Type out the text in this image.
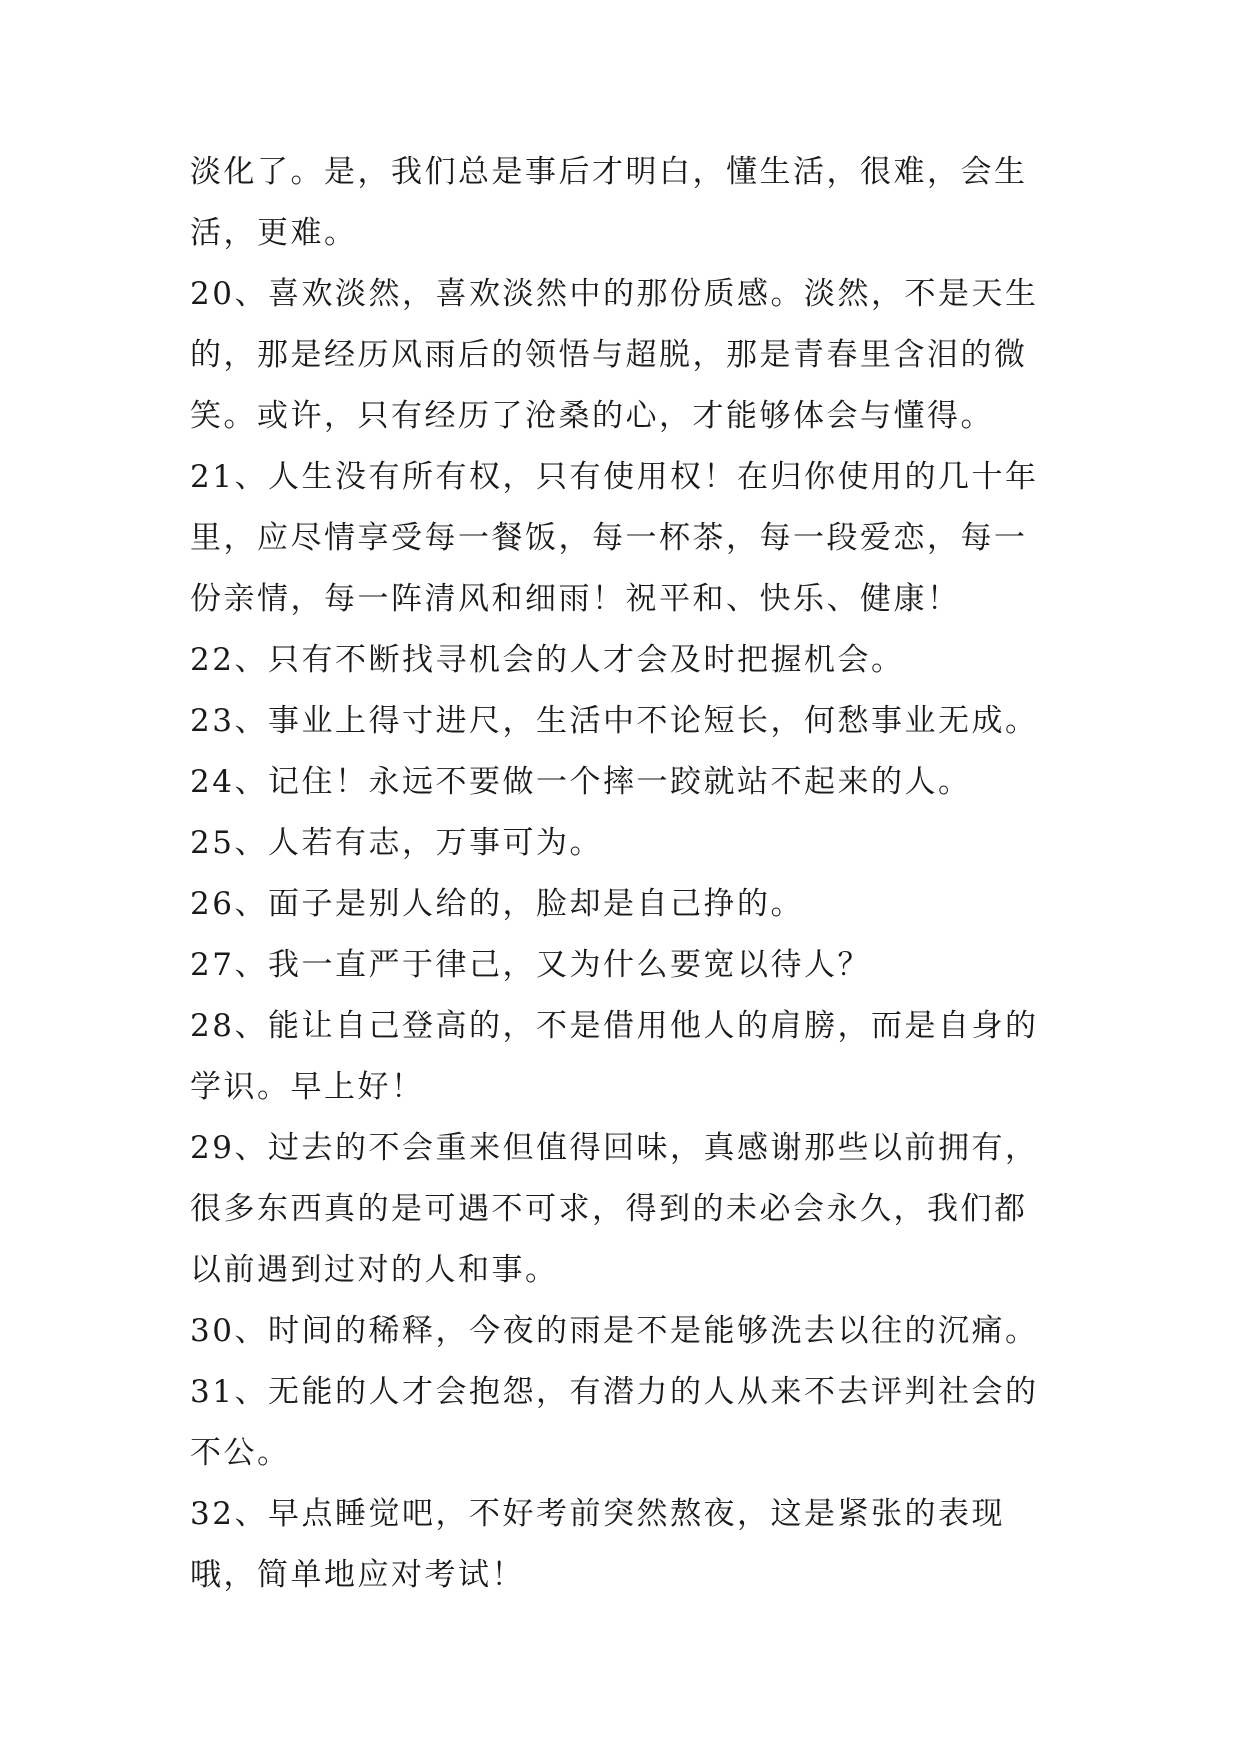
淡化了。是，我们总是事后才明白，懂生活，很难，会生活，更难。

20、喜欢淡然，喜欢淡然中的那份质感。淡然，不是天生的，那是经历风雨后的领悟与超脱，那是青春里含泪的微笑。或许，只有经历了沧桑的心，才能够体会与懂得。

21、人生没有所有权，只有使用权！在归你使用的几十年里，应尽情享受每一餐饭，每一杯茶，每一段爱恋，每一份亲情，每一阵清风和细雨！祝平和、快乐、健康！

22、只有不断找寻机会的人才会及时把握机会。

23、事业上得寸进尺，生活中不论短长，何愁事业无成。

24、记住！永远不要做一个摔一跤就站不起来的人。

25、人若有志，万事可为。

26、面子是别人给的，脸却是自己挣的。

27、我一直严于律己，又为什么要宽以待人？

28、能让自己登高的，不是借用他人的肩膀，而是自身的学识。早上好！

29、过去的不会重来但值得回味，真感谢那些以前拥有，很多东西真的是可遇不可求，得到的未必会永久，我们都以前遇到过对的人和事。

30、时间的稀释，今夜的雨是不是能够洗去以往的沉痛。

31、无能的人才会抱怨，有潜力的人从来不去评判社会的不公。

32、早点睡觉吧，不好考前突然熬夜，这是紧张的表现哦，简单地应对考试！
